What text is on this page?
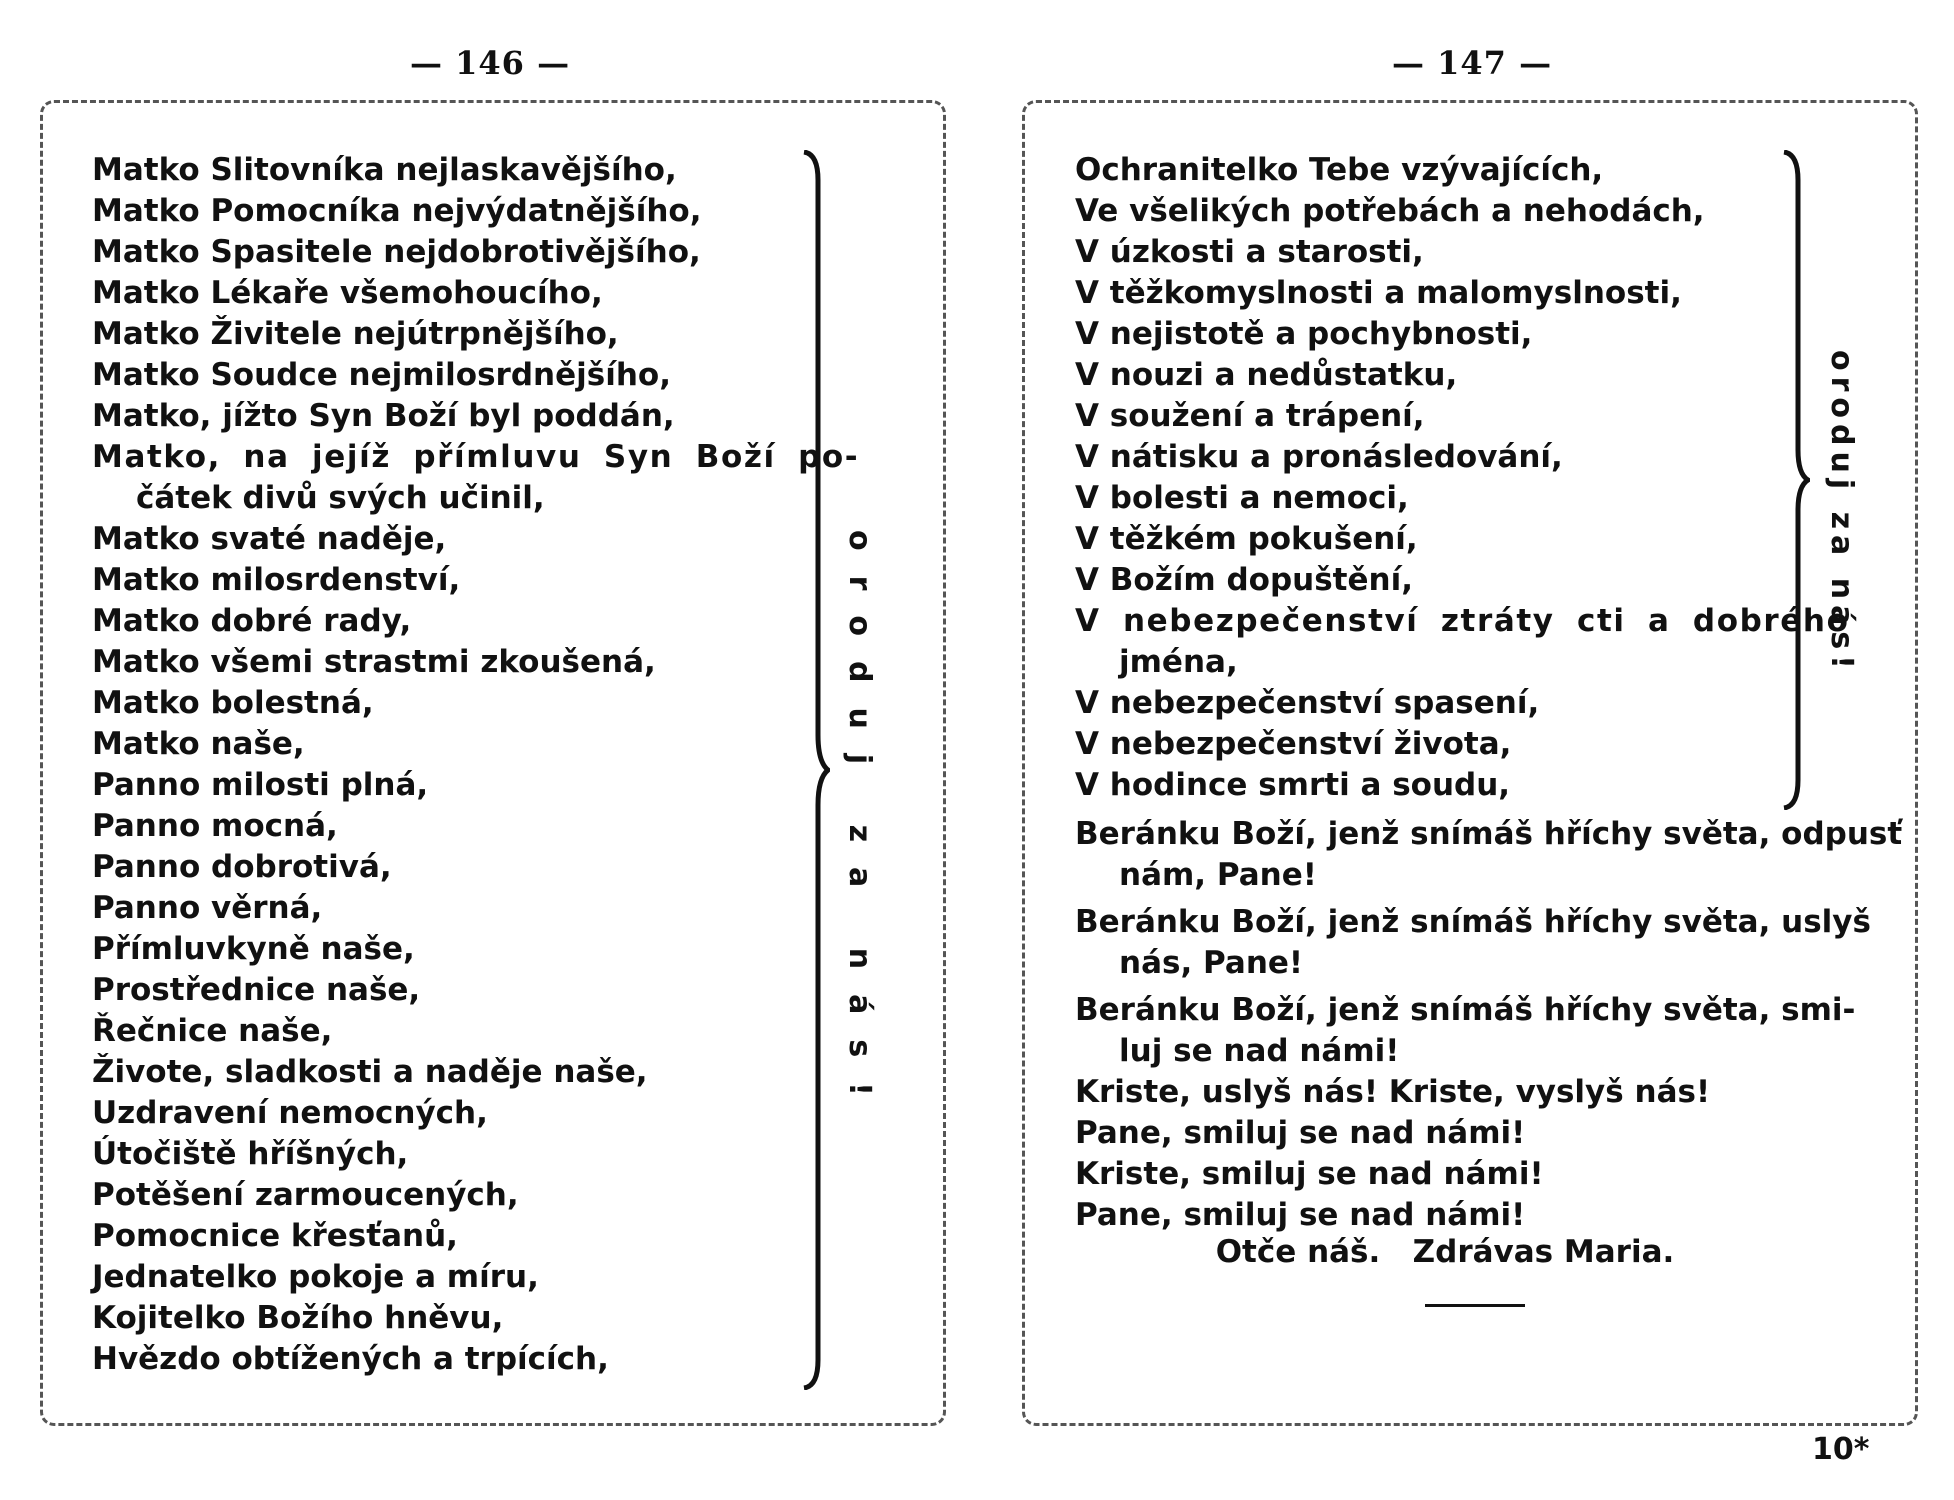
— 146 —
Matko Slitovníka nejlaskavějšího,
Matko Pomocníka nejvýdatnějšího,
Matko Spasitele nejdobrotivějšího,
Matko Lékaře všemohoucího,
Matko Živitele nejútrpnějšího,
Matko Soudce nejmilosrdnějšího,
Matko, jížto Syn Boží byl poddán,
Matko, na jejíž přímluvu Syn Boží po-
čátek divů svých učinil,
Matko svaté naděje,
Matko milosrdenství,
Matko dobré rady,
Matko všemi strastmi zkoušená,
Matko bolestná,
Matko naše,
Panno milosti plná,
Panno mocná,
Panno dobrotivá,
Panno věrná,
Přímluvkyně naše,
Prostřednice naše,
Řečnice naše,
Živote, sladkosti a naděje naše,
Uzdravení nemocných,
Útočiště hříšných,
Potěšení zarmoucených,
Pomocnice křesťanů,
Jednatelko pokoje a míru,
Kojitelko Božího hněvu,
Hvězdo obtížených a trpících,
oroduj za nás!
— 147 —
Ochranitelko Tebe vzývajících,
Ve všelikých potřebách a nehodách,
V úzkosti a starosti,
V těžkomyslnosti a malomyslnosti,
V nejistotě a pochybnosti,
V nouzi a nedůstatku,
V soužení a trápení,
V nátisku a pronásledování,
V bolesti a nemoci,
V těžkém pokušení,
V Božím dopuštění,
V nebezpečenství ztráty cti a dobrého
jména,
V nebezpečenství spasení,
V nebezpečenství života,
V hodince smrti a soudu,
oroduj za nás!
Beránku Boží, jenž snímáš hříchy světa, odpusť
nám, Pane!
Beránku Boží, jenž snímáš hříchy světa, uslyš
nás, Pane!
Beránku Boží, jenž snímáš hříchy světa, smi-
luj se nad námi!
Kriste, uslyš nás! Kriste, vyslyš nás!
Pane, smiluj se nad námi!
Kriste, smiluj se nad námi!
Pane, smiluj se nad námi!
Otče náš.   Zdrávas Maria.
10*
